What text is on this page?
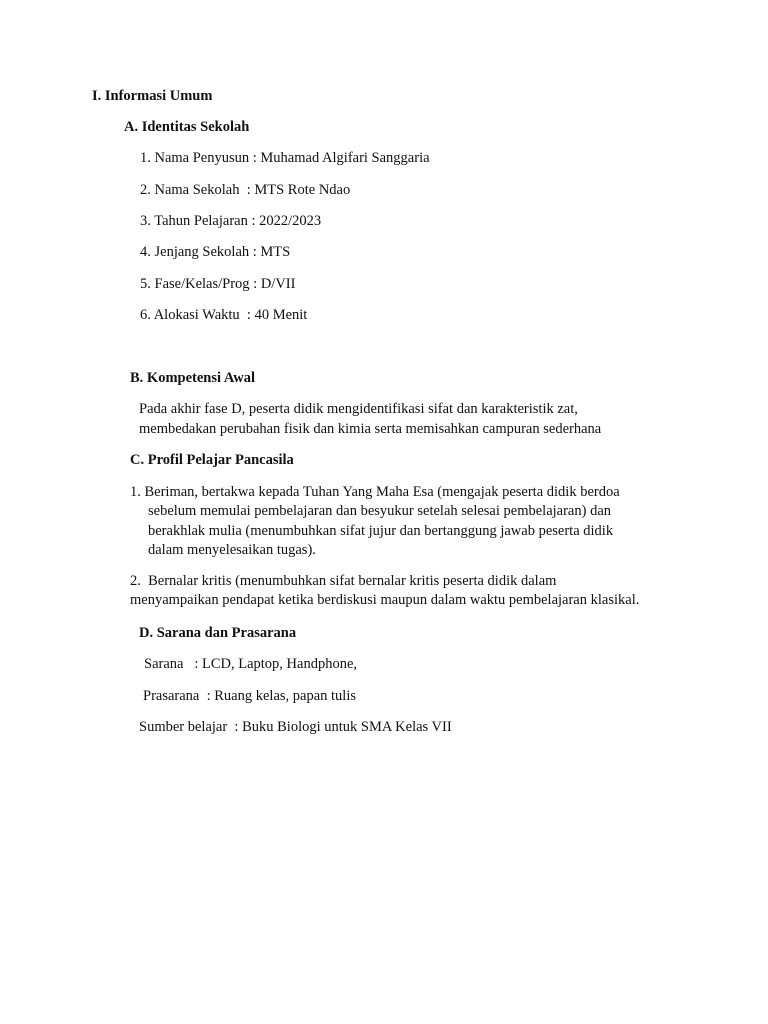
I. Informasi Umum
A. Identitas Sekolah
1. Nama Penyusun : Muhamad Algifari Sanggaria
2. Nama Sekolah  : MTS Rote Ndao
3. Tahun Pelajaran : 2022/2023
4. Jenjang Sekolah : MTS
5. Fase/Kelas/Prog : D/VII
6. Alokasi Waktu  : 40 Menit
B. Kompetensi Awal
Pada akhir fase D, peserta didik mengidentifikasi sifat dan karakteristik zat,
membedakan perubahan fisik dan kimia serta memisahkan campuran sederhana
C. Profil Pelajar Pancasila
1. Beriman, bertakwa kepada Tuhan Yang Maha Esa (mengajak peserta didik berdoa
sebelum memulai pembelajaran dan besyukur setelah selesai pembelajaran) dan
berakhlak mulia (menumbuhkan sifat jujur dan bertanggung jawab peserta didik
dalam menyelesaikan tugas).
2.  Bernalar kritis (menumbuhkan sifat bernalar kritis peserta didik dalam
menyampaikan pendapat ketika berdiskusi maupun dalam waktu pembelajaran klasikal.
D. Sarana dan Prasarana
Sarana   : LCD, Laptop, Handphone,
Prasarana  : Ruang kelas, papan tulis
Sumber belajar  : Buku Biologi untuk SMA Kelas VII
